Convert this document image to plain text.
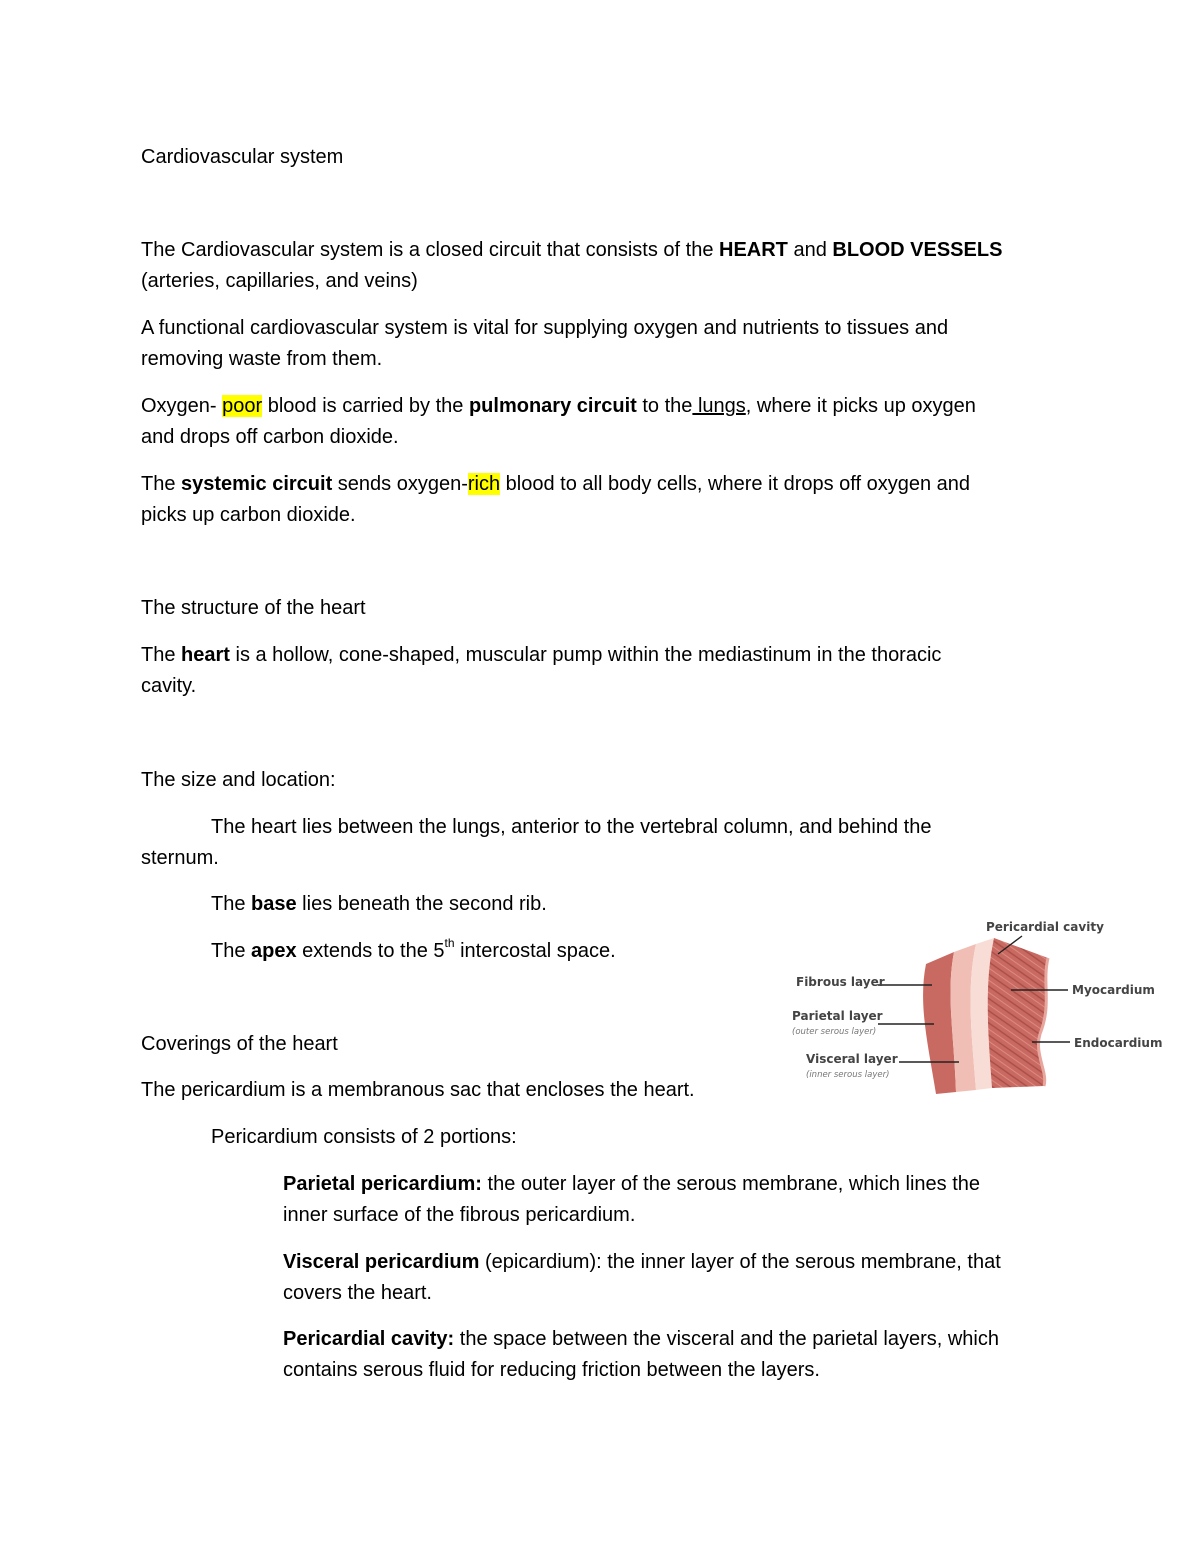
Cardiovascular system
The Cardiovascular system is a closed circuit that consists of the HEART and BLOOD VESSELS
(arteries, capillaries, and veins)
A functional cardiovascular system is vital for supplying oxygen and nutrients to tissues and
removing waste from them.
Oxygen- poor blood is carried by the pulmonary circuit to the lungs, where it picks up oxygen
and drops off carbon dioxide.
The systemic circuit sends oxygen-rich blood to all body cells, where it drops off oxygen and
picks up carbon dioxide.
The structure of the heart
The heart is a hollow, cone-shaped, muscular pump within the mediastinum in the thoracic
cavity.
The size and location:
The heart lies between the lungs, anterior to the vertebral column, and behind the
sternum.
The base lies beneath the second rib.
The apex extends to the 5th intercostal space.
Coverings of the heart
The pericardium is a membranous sac that encloses the heart.
Pericardium consists of 2 portions:
Parietal pericardium: the outer layer of the serous membrane, which lines the
inner surface of the fibrous pericardium.
Visceral pericardium (epicardium): the inner layer of the serous membrane, that
covers the heart.
Pericardial cavity: the space between the visceral and the parietal layers, which
contains serous fluid for reducing friction between the layers.
Pericardial cavity
Fibrous layer
Parietal layer
(outer serous layer)
Visceral layer
(inner serous layer)
Myocardium
Endocardium
